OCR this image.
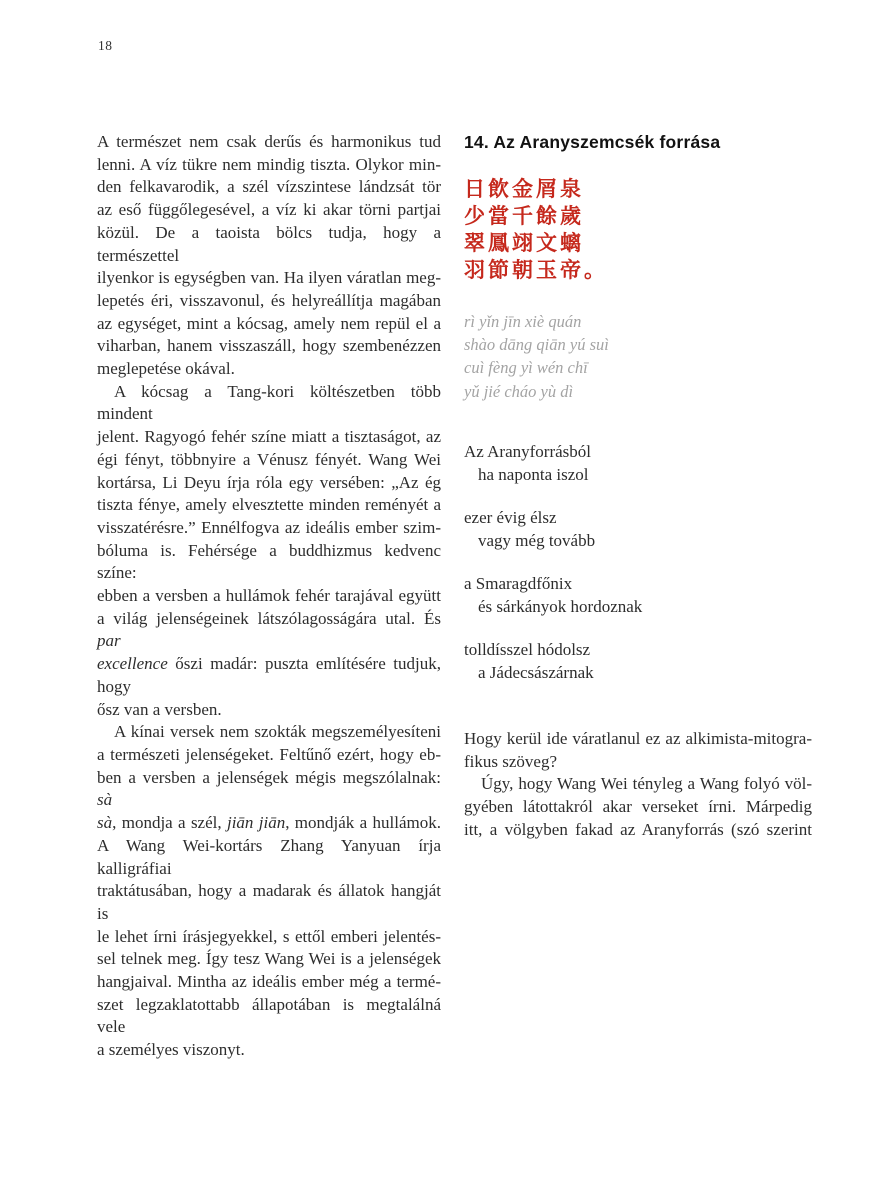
18
A természet nem csak derűs és harmonikus tud
lenni. A víz tükre nem mindig tiszta. Olykor min-
den felkavarodik, a szél vízszintese lándzsát tör
az eső függőlegesével, a víz ki akar törni partjai
közül. De a taoista bölcs tudja, hogy a természettel
ilyenkor is egységben van. Ha ilyen váratlan meg-
lepetés éri, visszavonul, és helyreállítja magában
az egységet, mint a kócsag, amely nem repül el a
viharban, hanem visszaszáll, hogy szembenézzen
meglepetése okával.
A kócsag a Tang-kori költészetben több mindent
jelent. Ragyogó fehér színe miatt a tisztaságot, az
égi fényt, többnyire a Vénusz fényét. Wang Wei
kortársa, Li Deyu írja róla egy versében: „Az ég
tiszta fénye, amely elvesztette minden reményét a
visszatérésre.” Ennélfogva az ideális ember szim-
bóluma is. Fehérsége a buddhizmus kedvenc színe:
ebben a versben a hullámok fehér tarajával együtt
a világ jelenségeinek látszólagosságára utal. És par
excellence őszi madár: puszta említésére tudjuk, hogy
ősz van a versben.
A kínai versek nem szokták megszemélyesíteni
a természeti jelenségeket. Feltűnő ezért, hogy eb-
ben a versben a jelenségek mégis megszólalnak: sà
sà, mondja a szél, jiān jiān, mondják a hullámok.
A Wang Wei-kortárs Zhang Yanyuan írja kalligráfiai
traktátusában, hogy a madarak és állatok hangját is
le lehet írni írásjegyekkel, s ettől emberi jelentés-
sel telnek meg. Így tesz Wang Wei is a jelenségek
hangjaival. Mintha az ideális ember még a termé-
szet legzaklatottabb állapotában is megtalálná vele
a személyes viszonyt.
14. Az Aranyszemcsék forrása
日飲金屑泉
少當千餘歲
翠鳳翊文螭
羽節朝玉帝。
rì yǐn jīn xiè quán
shào dāng qiān yú suì
cuì fèng yì wén chī
yǔ jié cháo yù dì
Az Aranyforrásból
ha naponta iszol
ezer évig élsz
vagy még tovább
a Smaragdfőnix
és sárkányok hordoznak
tolldísszel hódolsz
a Jádecsászárnak
Hogy kerül ide váratlanul ez az alkimista-mitogra-
fikus szöveg?
Úgy, hogy Wang Wei tényleg a Wang folyó völ-
gyében látottakról akar verseket írni. Márpedig
itt, a völgyben fakad az Aranyforrás (szó szerint
